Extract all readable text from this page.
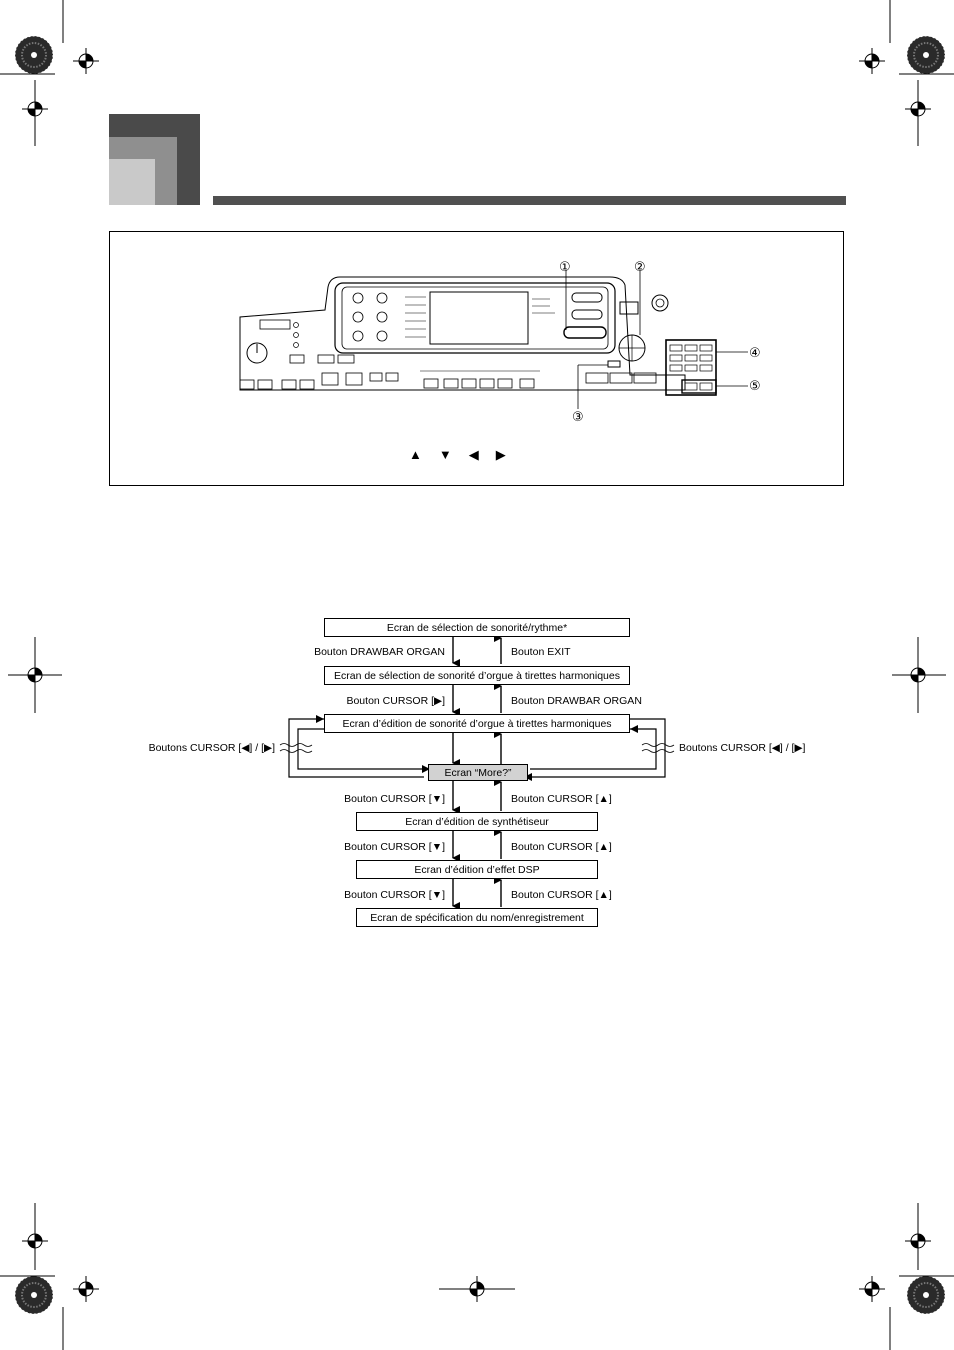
①	②
③
④
⑤
▲▼◀▶
Ecran de sélection de sonorité/rythme*
Ecran de sélection de sonorité d’orgue à tirettes harmoniques
Ecran d’édition de sonorité d’orgue à tirettes harmoniques
Ecran “More?”
Ecran d’édition de synthétiseur
Ecran d’édition d’effet DSP
Ecran de spécification du nom/enregistrement
Bouton DRAWBAR ORGAN	Bouton EXIT
Bouton CURSOR [▶]	Bouton DRAWBAR ORGAN
Boutons CURSOR [◀] / [▶]	Boutons CURSOR [◀] / [▶]
Bouton CURSOR [▼]	Bouton CURSOR [▲]
Bouton CURSOR [▼]	Bouton CURSOR [▲]
Bouton CURSOR [▼]	Bouton CURSOR [▲]
